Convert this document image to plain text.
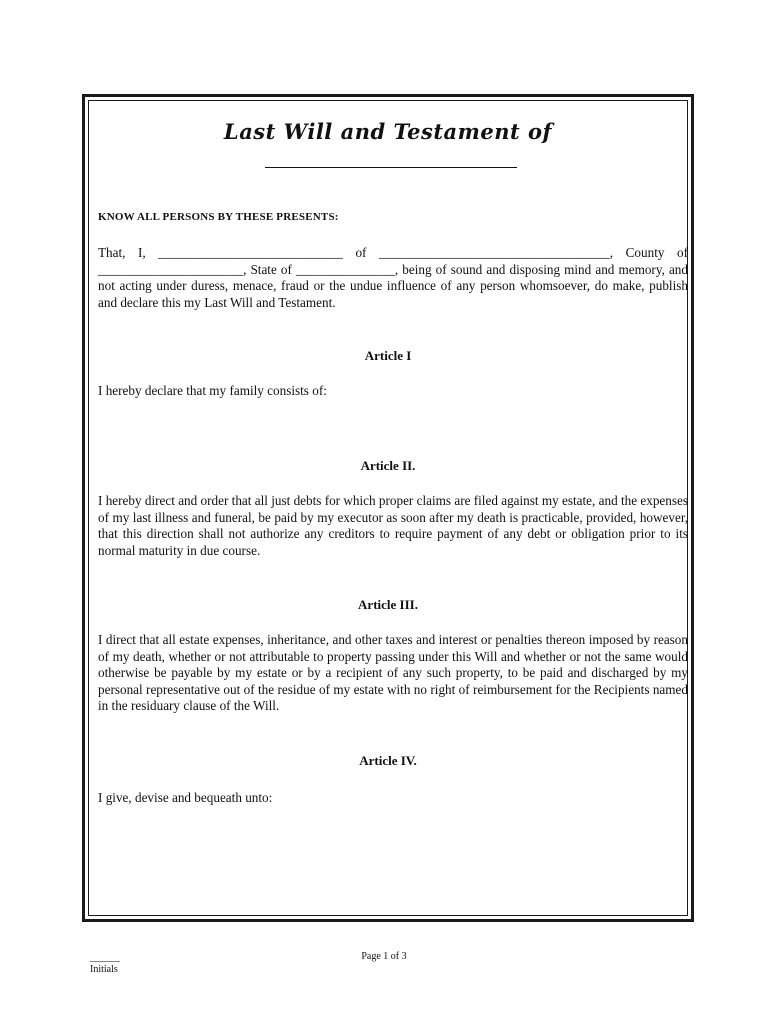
Last Will and Testament of
KNOW ALL PERSONS BY THESE PRESENTS:
That, I, ____________________________ of ___________________________________, County of ______________________, State of _______________, being of sound and disposing mind and memory, and not acting under duress, menace, fraud or the undue influence of any person whomsoever, do make, publish and declare this my Last Will and Testament.
Article I
I hereby declare that my family consists of:
Article II.
I hereby direct and order that all just debts for which proper claims are filed against my estate, and the expenses of my last illness and funeral, be paid by my executor as soon after my death is practicable, provided, however, that this direction shall not authorize any creditors to require payment of any debt or obligation prior to its normal maturity in due course.
Article III.
I direct that all estate expenses, inheritance, and other taxes and interest or penalties thereon imposed by reason of my death, whether or not attributable to property passing under this Will and whether or not the same would otherwise be payable by my estate or by a recipient of any such property, to be paid and discharged by my personal representative out of the residue of my estate with no right of reimbursement for the Recipients named in the residuary clause of the Will.
Article IV.
I give, devise and bequeath unto:
______
Initials
Page 1 of 3
